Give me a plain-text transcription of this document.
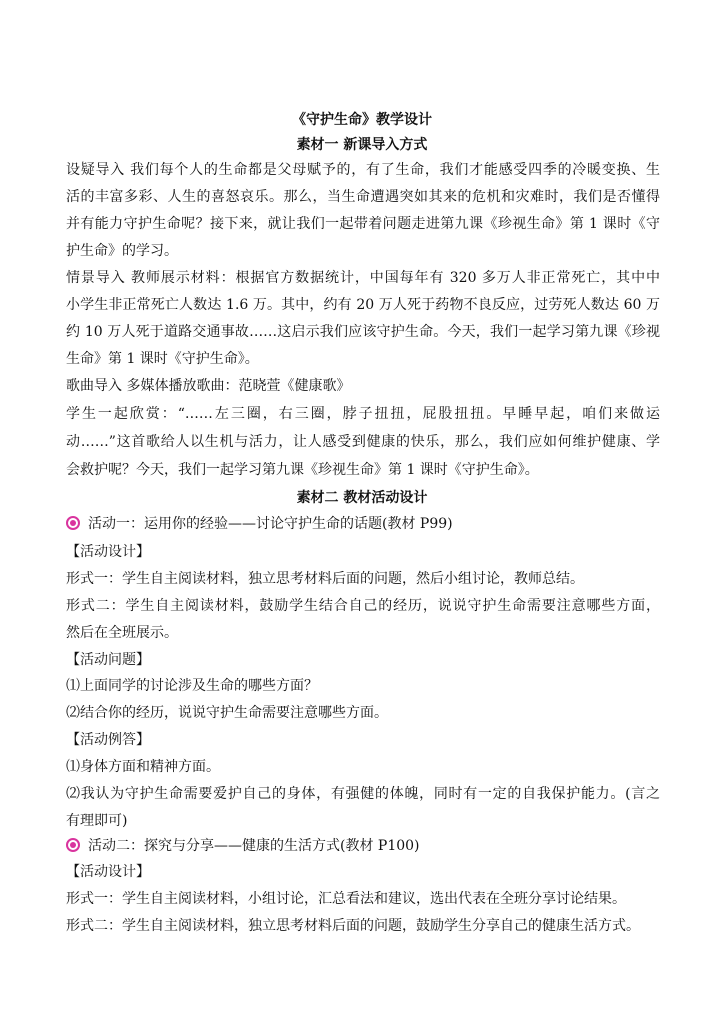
《守护生命》教学设计
素材一 新课导入方式
设疑导入 我们每个人的生命都是父母赋予的，有了生命，我们才能感受四季的冷暖变换、生
活的丰富多彩、人生的喜怒哀乐。那么，当生命遭遇突如其来的危机和灾难时，我们是否懂得
并有能力守护生命呢？接下来，就让我们一起带着问题走进第九课《珍视生命》第 1 课时《守
护生命》的学习。
情景导入 教师展示材料：根据官方数据统计，中国每年有 320 多万人非正常死亡，其中中
小学生非正常死亡人数达 1.6 万。其中，约有 20 万人死于药物不良反应，过劳死人数达 60 万
约 10 万人死于道路交通事故……这启示我们应该守护生命。今天，我们一起学习第九课《珍视
生命》第 1 课时《守护生命》。
歌曲导入 多媒体播放歌曲：范晓萱《健康歌》
学生一起欣赏：“……左三圈，右三圈，脖子扭扭，屁股扭扭。早睡早起，咱们来做运
动……”这首歌给人以生机与活力，让人感受到健康的快乐，那么，我们应如何维护健康、学
会救护呢？今天，我们一起学习第九课《珍视生命》第 1 课时《守护生命》。
素材二 教材活动设计
活动一：运用你的经验——讨论守护生命的话题(教材 P99)
【活动设计】
形式一：学生自主阅读材料，独立思考材料后面的问题，然后小组讨论，教师总结。
形式二：学生自主阅读材料，鼓励学生结合自己的经历，说说守护生命需要注意哪些方面，
然后在全班展示。
【活动问题】
⑴上面同学的讨论涉及生命的哪些方面？
⑵结合你的经历，说说守护生命需要注意哪些方面。
【活动例答】
⑴身体方面和精神方面。
⑵我认为守护生命需要爱护自己的身体，有强健的体魄，同时有一定的自我保护能力。(言之
有理即可)
活动二：探究与分享——健康的生活方式(教材 P100)
【活动设计】
形式一：学生自主阅读材料，小组讨论，汇总看法和建议，选出代表在全班分享讨论结果。
形式二：学生自主阅读材料，独立思考材料后面的问题，鼓励学生分享自己的健康生活方式。
